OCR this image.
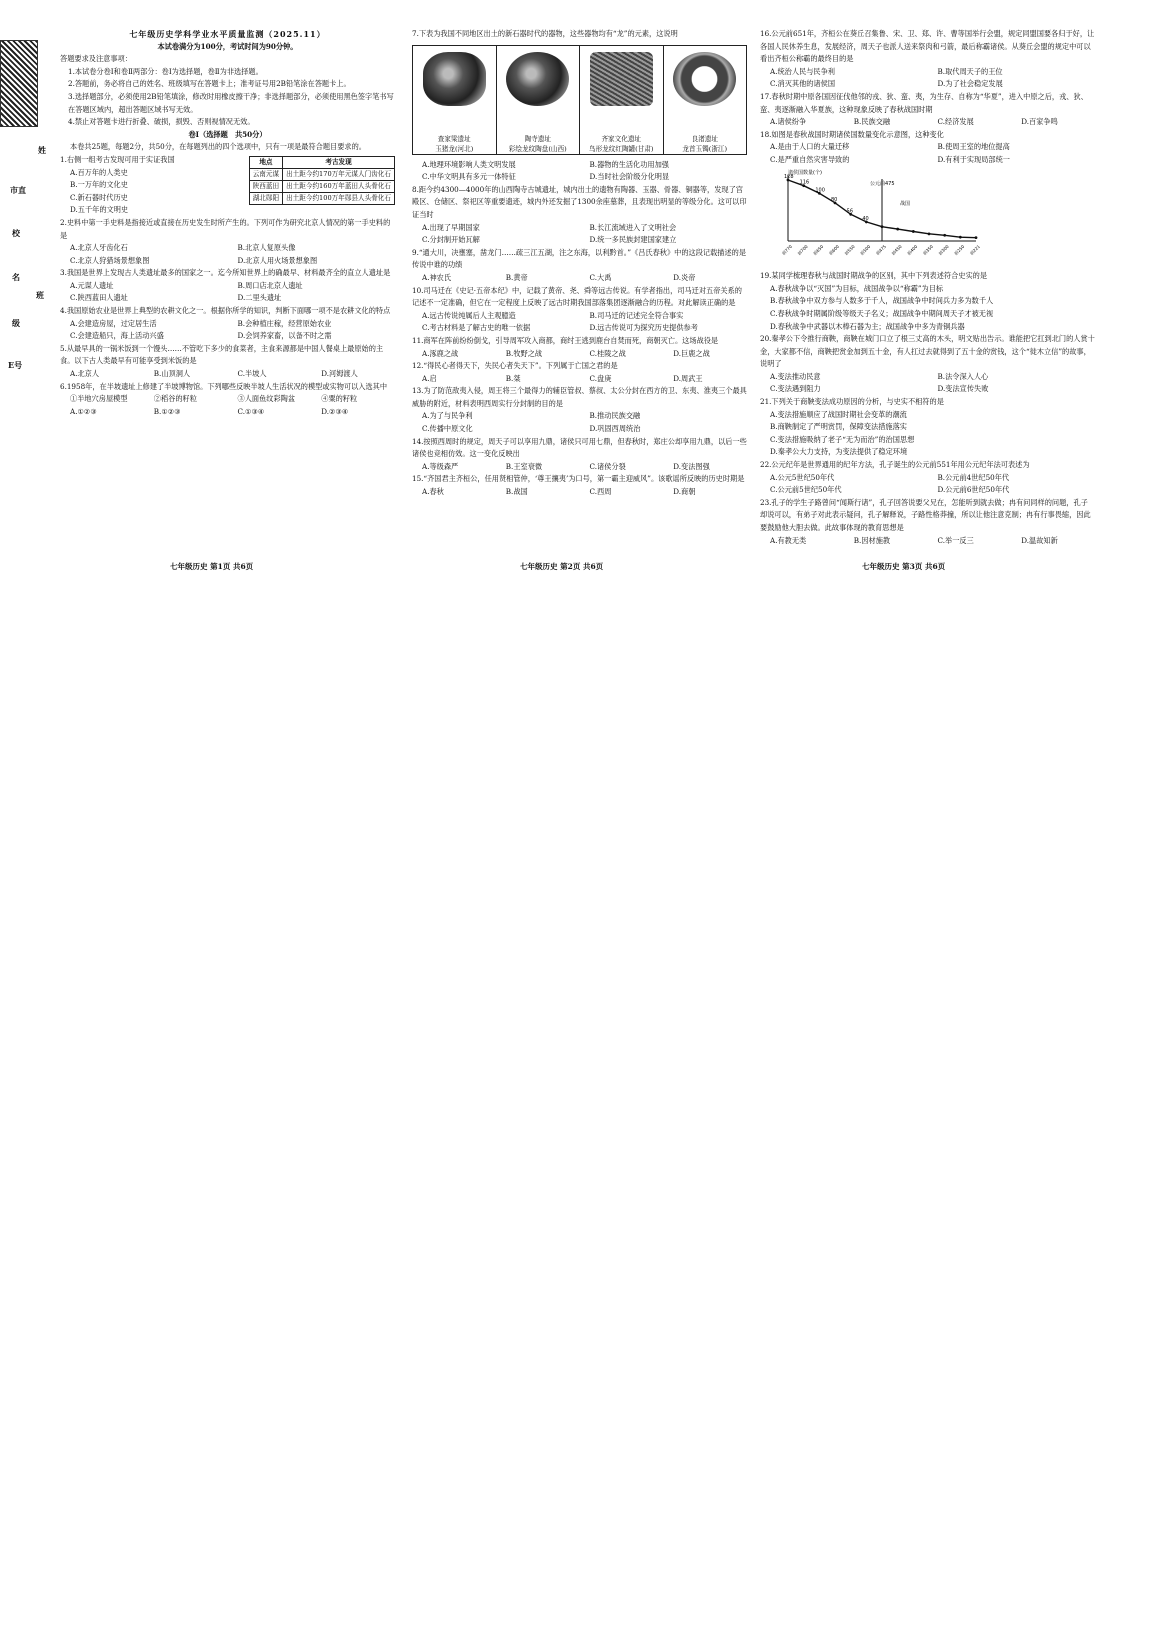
姓
市直
校
名
班
级
E号
七年级历史学科学业水平质量监测（2025.11）
本试卷满分为100分，考试时间为90分钟。
答题要求及注意事项：
1.本试卷分卷Ⅰ和卷Ⅱ两部分：卷Ⅰ为选择题，卷Ⅱ为非选择题。
2.答题前，务必将自己的姓名、班级填写在答题卡上；准考证号用2B铅笔涂在答题卡上。
3.选择题部分，必须使用2B铅笔填涂，修改时用橡皮擦干净；非选择题部分，必须使用黑色签字笔书写在答题区域内，超出答题区域书写无效。
4.禁止对答题卡进行折叠、破损，损毁、否则视情况无效。
卷Ⅰ（选择题　共50分）
本卷共25题，每题2分，共50分，在每题列出的四个选项中，只有一项是最符合题目要求的。
地点	考古发现
云南元谋	出土距今约170万年元谋人门齿化石
陕西蓝田	出土距今约160万年蓝田人头骨化石
湖北郧阳	出土距今约100万年郧县人头骨化石
1.右侧一组考古发现可用于实证我国
A.百万年的人类史
B.一万年的文化史
C.新石器时代历史
D.五千年的文明史
2.史料中第一手史料是指接近或直接在历史发生时所产生的。下列可作为研究北京人情况的第一手史料的是
A.北京人牙齿化石	B.北京人复原头像
C.北京人狩猎场景想象图	D.北京人用火场景想象图
3.我国是世界上发现古人类遗址最多的国家之一。迄今所知世界上的确最早、材料最齐全的直立人遗址是
A.元谋人遗址	B.周口店北京人遗址
C.陕西蓝田人遗址	D.二里头遗址
4.我国原始农业是世界上典型的农耕文化之一。根据你所学的知识，判断下面哪一项不是农耕文化的特点
A.会建造房屋，过定居生活	B.会种植庄稼，经营原始农业
C.会建造船只，海上活动兴盛	D.会饲养家畜，以备不时之需
5.从最早具的一锅米饭到一个馒头……不管吃下多少的食菜者，主食来源都是中国人餐桌上最原始的主食。以下古人类最早有可能享受到米饭的是
A.北京人	B.山顶洞人	C.半坡人	D.河姆渡人
6.1958年，在半坡遗址上修建了半坡博物馆。下列哪些反映半坡人生活状况的模型或实物可以入选其中
①半地穴房屋模型	②稻谷的籽粒	③人面鱼纹彩陶盆	④粟的籽粒
A.①②③	B.①②③	C.①③④	D.②③④
七年级历史 第1页 共6页
7.下表为我国不同地区出土的新石器时代的器物，这些器物均有“龙”的元素，这说明
查家梁遗址
玉猪龙(河北)
陶寺遗址
彩绘龙纹陶盘(山西)
齐家文化遗址
鸟形龙纹红陶罐(甘肃)
良渚遗址
龙首玉镯(浙江)
A.地理环境影响人类文明发展	B.器物的生活化功用加强
C.中华文明具有多元一体特征	D.当时社会阶级分化明显
8.距今约4300—4000年的山西陶寺古城遗址，城内出土的遗物有陶器、玉器、骨器、铜器等，发现了宫殿区、仓储区、祭祀区等重要遗迹，城内外还发掘了1300余座墓葬，且表现出明显的等级分化。这可以印证当时
A.出现了早期国家	B.长江流域进入了文明社会
C.分封制开始瓦解	D.统一多民族封建国家建立
9.“通大川，决壅塞，凿龙门……疏三江五湖，注之东海，以利黔首。”《吕氏春秋》中的这段记载描述的是传说中谁的功绩
A.神农氏	B.黄帝	C.大禹	D.炎帝
10.司马迁在《史记·五帝本纪》中，记载了黄帝、尧、舜等远古传说。有学者指出，司马迁对五帝关系的记述不一定准确，但它在一定程度上反映了远古时期我国部落集团逐渐融合的历程。对此解读正确的是
A.远古传说纯属后人主观臆造	B.司马迁的记述完全符合事实
C.考古材料是了解古史的唯一依据	D.远古传说可为探究历史提供参考
11.商军在阵前纷纷倒戈，引导周军攻入商都，商纣王逃到鹿台自焚而死，商朝灭亡。这场战役是
A.涿鹿之战	B.牧野之战	C.桂陵之战	D.巨鹿之战
12.“得民心者得天下，失民心者失天下”。下列属于亡国之君的是
A.启	B.桀	C.盘庚	D.周武王
13.为了防范敌夷入侵，周王将三个最得力的辅臣管叔、蔡叔、太公分封在西方的卫、东夷、淮夷三个最具威胁的附近，材料表明西周实行分封制的目的是
A.为了与民争利	B.推动民族交融
C.传播中原文化	D.巩固西周统治
14.按照西周时的规定，周天子可以享用九鼎，诸侯只可用七鼎，但春秋时，郑庄公却享用九鼎，以后一些诸侯也竞相仿效。这一变化反映出
A.等级森严	B.王室衰微	C.诸侯分裂	D.变法图强
15.“齐国君主齐桓公，任用贤相管仲，‘尊王攘夷’为口号，第一霸主迎威风”。该歌谣所反映的历史时期是
A.春秋	B.战国	C.西周	D.商朝
七年级历史 第2页 共6页
16.公元前651年，齐桓公在葵丘召集鲁、宋、卫、郑、许、曹等国举行会盟，规定同盟国要各归于好，让各国人民休养生息，发展经济，周天子也派人送来祭肉和弓箭，最后称霸诸侯。从葵丘会盟的规定中可以看出齐桓公称霸的最终目的是
A.统治人民与民争利	B.取代周天子的王位
C.消灭其他的诸侯国	D.为了社会稳定发展
17.春秋时期中原各国因征伐他邻的戎、狄、蛮、夷，为生存、自称为“华夏”，进入中原之后，戎、狄、蛮、夷逐渐融入华夏族，这种现象反映了春秋战国时期
A.诸侯纷争	B.民族交融	C.经济发展	D.百家争鸣
18.如图是春秋战国时期诸侯国数量变化示意图，这种变化
A.是由于人口的大量迁移	B.使周王室的地位提高
C.是严重自然灾害导致的	D.有利于实现局部统一
诸侯国数量(个)
128
116
100
80
56
40
前770 前700 前650 前600 前550 前500 前475 前450 前400 前350 前300 前250 前221
公元前475
战国
19.某同学梳理春秋与战国时期战争的区别，其中下列表述符合史实的是
A.春秋战争以“灭国”为目标，战国战争以“称霸”为目标
B.春秋战争中双方参与人数多于千人，战国战争中时间兵力多为数千人
C.春秋战争时期属阶级等级天子名义；战国战争中期间周天子才被无视
D.春秋战争中武器以木棒石器为主；战国战争中多为青铜兵器
20.秦孝公下令推行商鞅，商鞅在城门口立了根三丈高的木头，明文贴出告示。谁能把它扛到北门的人赏十金，大家都不信，商鞅把赏金加到五十金，有人扛过去就得到了五十金的赏钱，这个“徙木立信”的故事，说明了
A.变法推动民意	B.法令深入人心
C.变法遇到阻力	D.变法宣传失败
21.下列关于商鞅变法成功原因的分析，与史实不相符的是
A.变法措施顺应了战国时期社会变革的潮流
B.商鞅制定了严明赏罚，保障变法措施落实
C.变法措施吸纳了老子“无为而治”的治国思想
D.秦孝公大力支持，为变法提供了稳定环境
22.公元纪年是世界通用的纪年方法，孔子诞生的公元前551年用公元纪年法可表述为
A.公元5世纪50年代	B.公元前4世纪50年代
C.公元前5世纪50年代	D.公元前6世纪50年代
23.孔子的学生子路曾问“闻斯行诸”，孔子回答说要父兄在，怎能听到就去做；冉有问同样的问题，孔子却说可以，有弟子对此表示疑问，孔子解释说，子路性格莽撞，所以让他注意克制；冉有行事畏缩，因此要鼓励他大胆去做。此故事体现的教育思想是
A.有教无类	B.因材施教	C.举一反三	D.温故知新
七年级历史 第3页 共6页
